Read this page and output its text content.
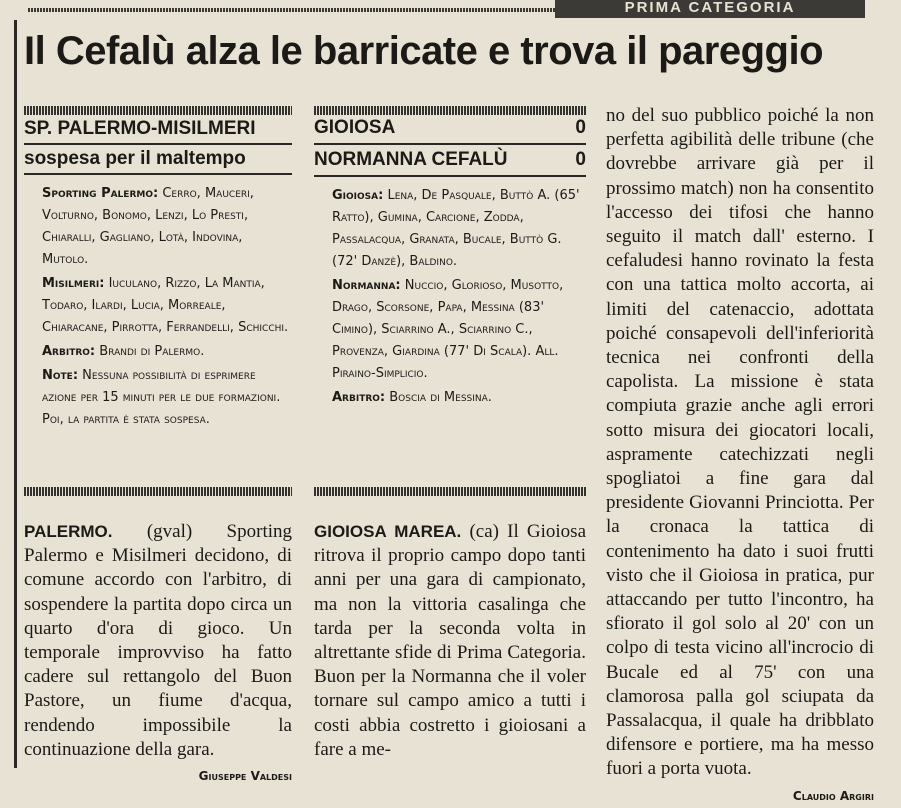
PRIMA CATEGORIA
Il Cefalù alza le barricate e trova il pareggio
SP. PALERMO-MISILMERI
sospesa per il maltempo

Sporting Palermo: Cerro, Mauceri, Volturno, Bonomo, Lenzi, Lo Presti, Chiaralli, Gagliano, Lotà, Indovina, Mutolo.

Misilmeri: Iuculano, Rizzo, La Mantia, Todaro, Ilardi, Lucia, Morreale, Chiaracane, Pirrotta, Ferrandelli, Schicchi.

Arbitro: Brandi di Palermo.

Note: Nessuna possibilità di esprimere azione per 15 minuti per le due formazioni. Poi, la partita è stata sospesa.

PALERMO. (gval) Sporting Palermo e Misilmeri decidono, di comune accordo con l'arbitro, di sospendere la partita dopo circa un quarto d'ora di gioco. Un temporale improvviso ha fatto cadere sul rettangolo del Buon Pastore, un fiume d'acqua, rendendo impossibile la continuazione della gara.
Giuseppe Valdesi
GIOIOSA	0
NORMANNA CEFALÙ	0

Gioiosa: Lena, De Pasquale, Buttò A. (65' Ratto), Gumina, Carcione, Zodda, Passalacqua, Granata, Bucale, Buttò G. (72' Danzè), Baldino.

Normanna: Nuccio, Glorioso, Musotto, Drago, Scorsone, Papa, Messina (83' Cimino), Sciarrino A., Sciarrino C., Provenza, Giardina (77' Di Scala). All. Piraino-Simplicio.

Arbitro: Boscia di Messina.

GIOIOSA MAREA. (ca) Il Gioiosa ritrova il proprio campo dopo tanti anni per una gara di campionato, ma non la vittoria casalinga che tarda per la seconda volta in altrettante sfide di Prima Categoria. Buon per la Normanna che il voler tornare sul campo amico a tutti i costi abbia costretto i gioiosani a fare a me-
no del suo pubblico poiché la non perfetta agibilità delle tribune (che dovrebbe arrivare già per il prossimo match) non ha consentito l'accesso dei tifosi che hanno seguito il match dall' esterno. I cefaludesi hanno rovinato la festa con una tattica molto accorta, ai limiti del catenaccio, adottata poiché consapevoli dell'inferiorità tecnica nei confronti della capolista. La missione è stata compiuta grazie anche agli errori sotto misura dei giocatori locali, aspramente catechizzati negli spogliatoi a fine gara dal presidente Giovanni Princiotta. Per la cronaca la tattica di contenimento ha dato i suoi frutti visto che il Gioiosa in pratica, pur attaccando per tutto l'incontro, ha sfiorato il gol solo al 20' con un colpo di testa vicino all'incrocio di Bucale ed al 75' con una clamorosa palla gol sciupata da Passalacqua, il quale ha dribblato difensore e portiere, ma ha messo fuori a porta vuota.
Claudio Argiri
